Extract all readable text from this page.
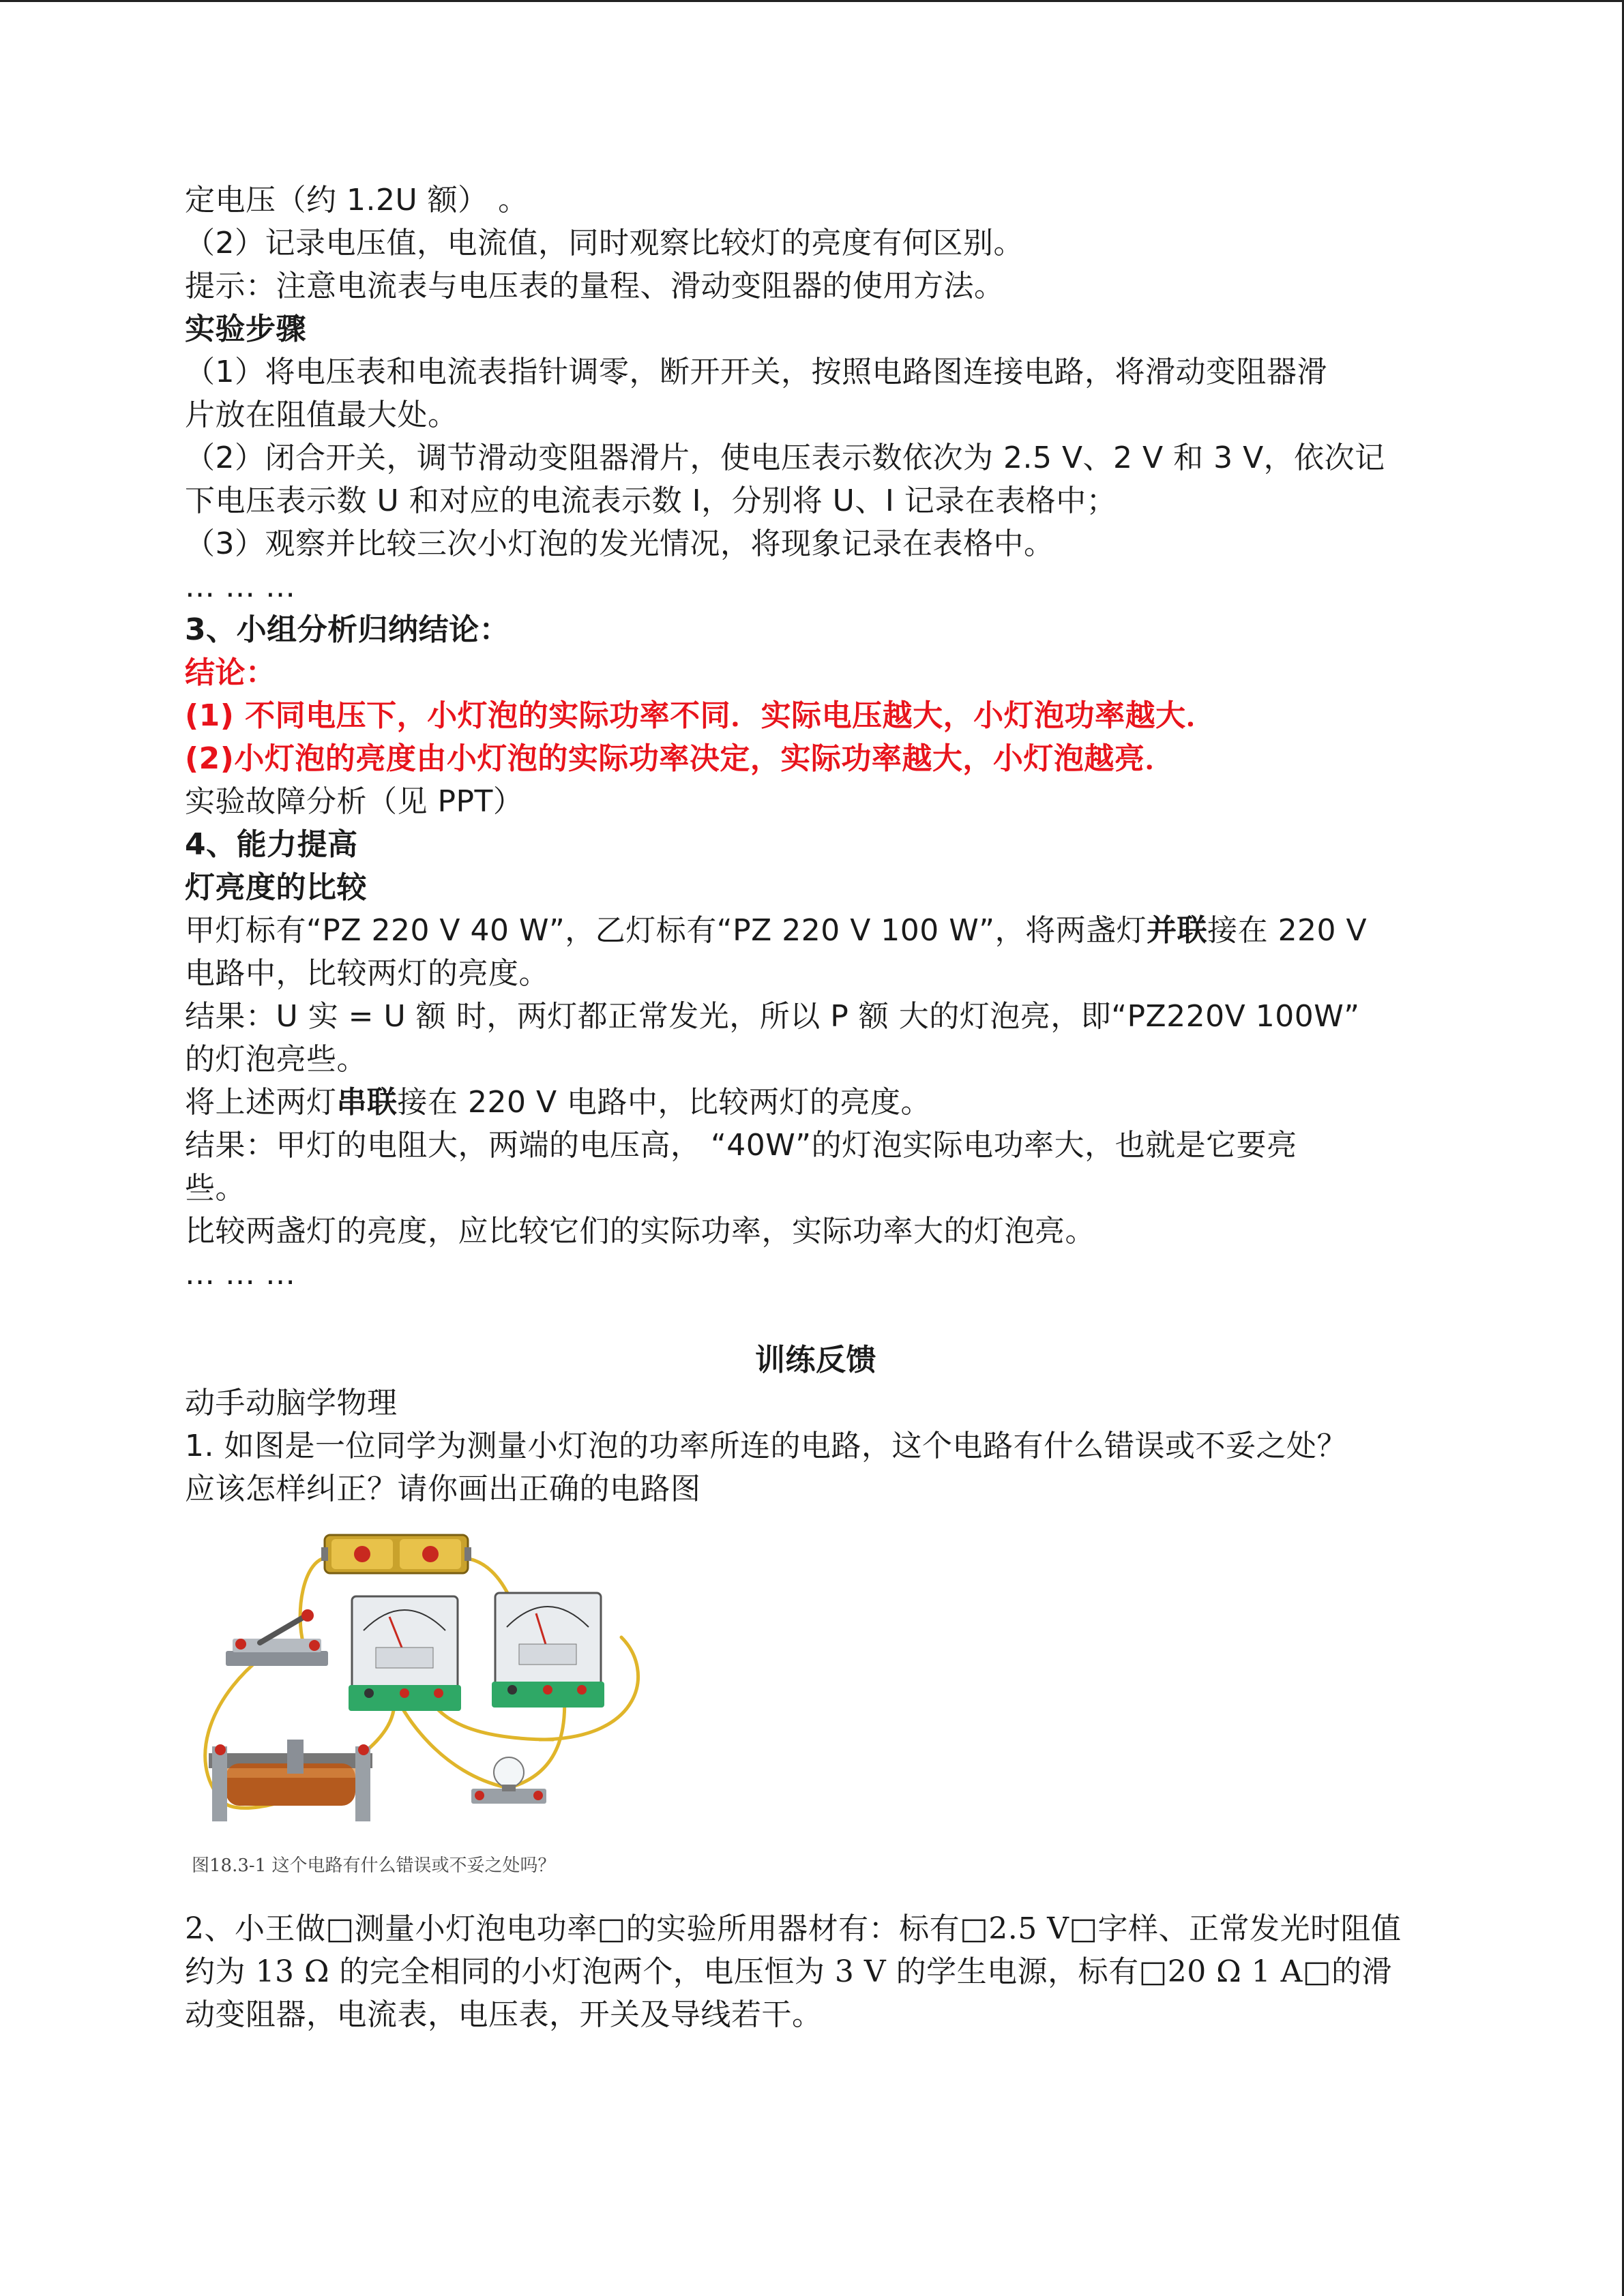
定电压（约 1.2U 额） 。
（2）记录电压值，电流值，同时观察比较灯的亮度有何区别。
提示：注意电流表与电压表的量程、滑动变阻器的使用方法。
实验步骤
（1）将电压表和电流表指针调零，断开开关，按照电路图连接电路，将滑动变阻器滑
片放在阻值最大处。
（2）闭合开关，调节滑动变阻器滑片，使电压表示数依次为 2.5 V、2 V 和 3 V，依次记
下电压表示数 U 和对应的电流表示数 I，分别将 U、I 记录在表格中；
（3）观察并比较三次小灯泡的发光情况，将现象记录在表格中。
… … …
3、小组分析归纳结论：
结论：
(1) 不同电压下，小灯泡的实际功率不同．实际电压越大，小灯泡功率越大．
(2)小灯泡的亮度由小灯泡的实际功率决定，实际功率越大，小灯泡越亮．
实验故障分析（见 PPT）
4、能力提高
灯亮度的比较
甲灯标有“PZ 220 V 40 W”，乙灯标有“PZ 220 V 100 W”，将两盏灯并联接在 220 V
电路中，比较两灯的亮度。
结果：U 实 = U 额 时，两灯都正常发光，所以 P 额 大的灯泡亮，即“PZ220V 100W”
的灯泡亮些。
将上述两灯串联接在 220 V 电路中，比较两灯的亮度。
结果：甲灯的电阻大，两端的电压高， “40W”的灯泡实际电功率大，也就是它要亮
些。
比较两盏灯的亮度，应比较它们的实际功率，实际功率大的灯泡亮。
… … …
训练反馈
动手动脑学物理
1. 如图是一位同学为测量小灯泡的功率所连的电路，这个电路有什么错误或不妥之处？
应该怎样纠正？请你画出正确的电路图
图18.3-1 这个电路有什么错误或不妥之处吗？
2、小王做□测量小灯泡电功率□的实验所用器材有：标有□2.5 V□字样、正常发光时阻值
约为 13 Ω 的完全相同的小灯泡两个，电压恒为 3 V 的学生电源，标有□20 Ω 1 A□的滑
动变阻器，电流表，电压表，开关及导线若干。
